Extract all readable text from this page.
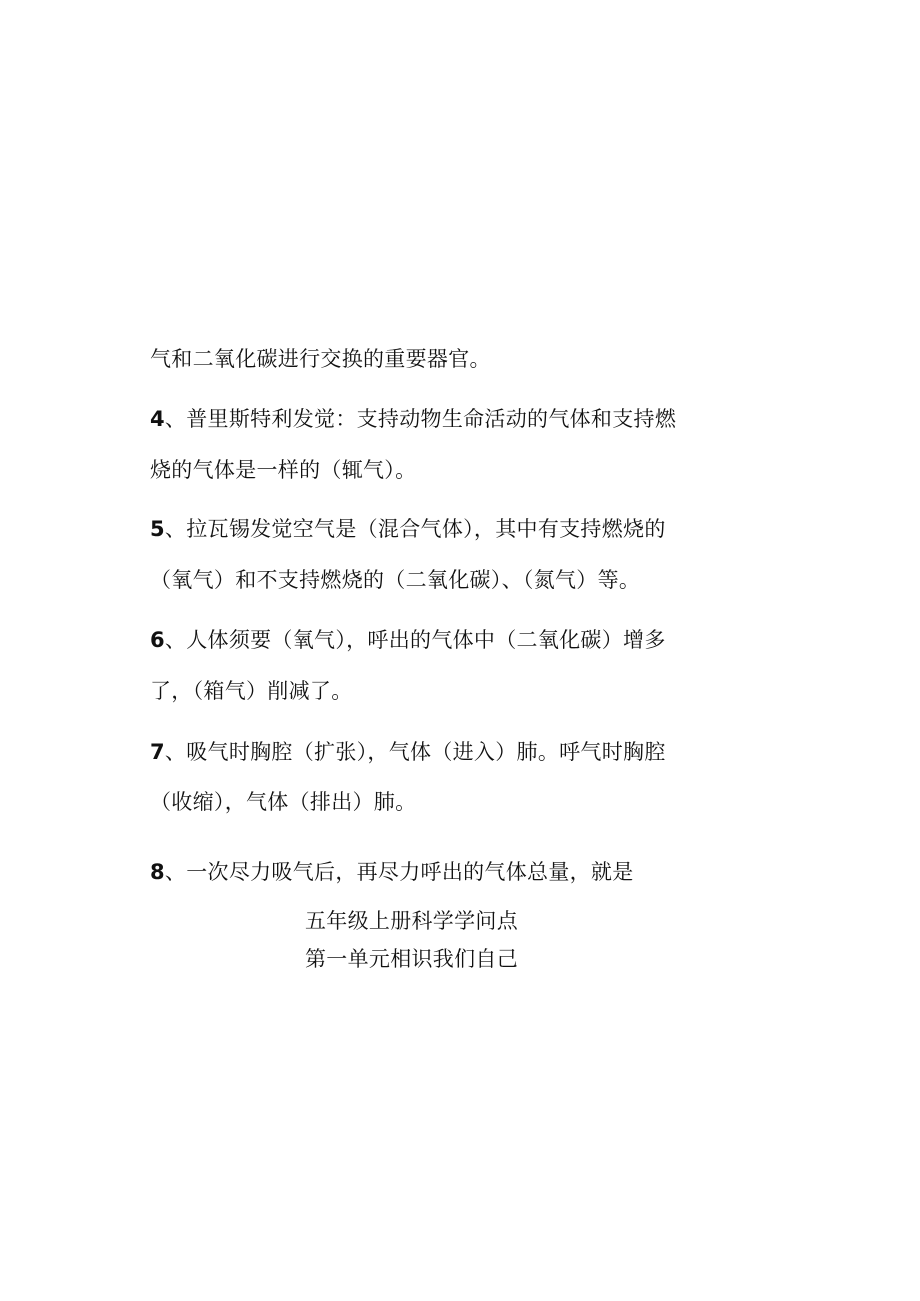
气和二氧化碳进行交换的重要器官。
4、普里斯特利发觉：支持动物生命活动的气体和支持燃
烧的气体是一样的（辄气）。
5、拉瓦锡发觉空气是（混合气体），其中有支持燃烧的
（氧气）和不支持燃烧的（二氧化碳）、（氮气）等。
6、人体须要（氧气），呼出的气体中（二氧化碳）增多
了，（箱气）削减了。
7、吸气时胸腔（扩张），气体（进入）肺。呼气时胸腔
（收缩），气体（排出）肺。
8、一次尽力吸气后，再尽力呼出的气体总量，就是
五年级上册科学学问点
第一单元相识我们自己
